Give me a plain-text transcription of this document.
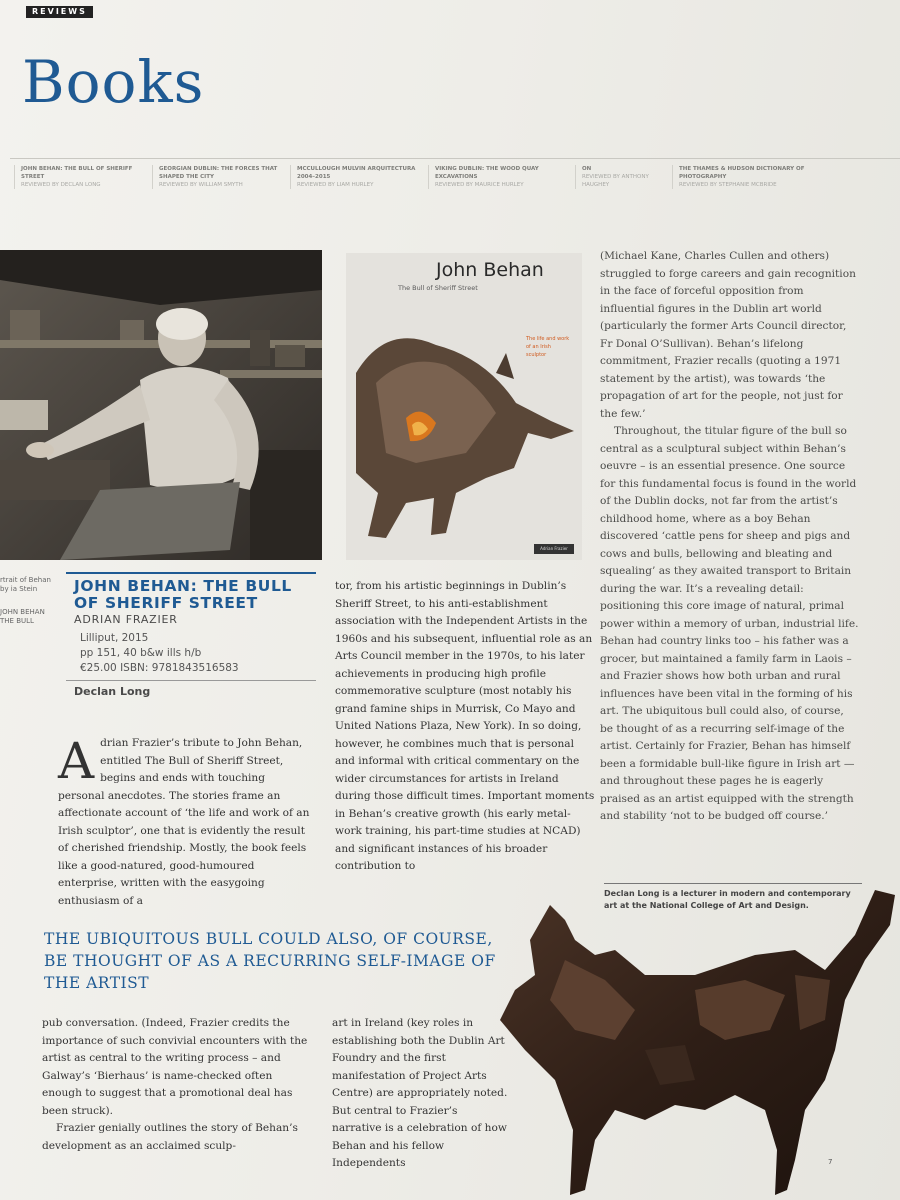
REVIEWS
Books
JOHN BEHAN: THE BULL OF SHERIFF STREET
REVIEWED BY DECLAN LONG
GEORGIAN DUBLIN: THE FORCES THAT SHAPED THE CITY
REVIEWED BY WILLIAM SMYTH
MCCULLOUGH MULVIN ARQUITECTURA 2004–2015
REVIEWED BY LIAM HURLEY
VIKING DUBLIN: THE WOOD QUAY EXCAVATIONS
REVIEWED BY MAURICE HURLEY
ON
REVIEWED BY ANTHONY HAUGHEY
THE THAMES & HUDSON DICTIONARY OF PHOTOGRAPHY
REVIEWED BY STEPHANIE MCBRIDE
John Behan
The Bull of Sheriff Street
The life and work of an Irish sculptor
Adrian Frazier
rtrait of Behan by ia Stein
JOHN BEHAN THE BULL
JOHN BEHAN: THE BULL OF SHERIFF STREET

ADRIAN FRAZIER

Lilliput, 2015
pp 151, 40 b&w ills h/b
€25.00 ISBN: 9781843516583

Declan Long

A drian Frazier’s tribute to John Behan, entitled The Bull of Sheriff Street, begins and ends with touching personal anecdotes. The stories frame an affectionate account of ‘the life and work of an Irish sculptor’, one that is evidently the result of cherished friendship. Mostly, the book feels like a good-natured, good-humoured enterprise, written with the easygoing enthusiasm of a

tor, from his artistic beginnings in Dublin’s Sheriff Street, to his anti-establishment association with the Independent Artists in the 1960s and his subsequent, influential role as an Arts Council member in the 1970s, to his later achievements in producing high profile commemorative sculpture (most notably his grand famine ships in Murrisk, Co Mayo and United Nations Plaza, New York). In so doing, however, he combines much that is personal and informal with critical commentary on the wider circumstances for artists in Ireland during those difficult times. Important moments in Behan’s creative growth (his early metal-work training, his part-time studies at NCAD) and significant instances of his broader contribution to

(Michael Kane, Charles Cullen and others) struggled to forge careers and gain recognition in the face of forceful opposition from influential figures in the Dublin art world (particularly the former Arts Council director, Fr Donal O’Sullivan). Behan’s lifelong commitment, Frazier recalls (quoting a 1971 statement by the artist), was towards ‘the propagation of art for the people, not just for the few.’

Throughout, the titular figure of the bull so central as a sculptural subject within Behan’s oeuvre – is an essential presence. One source for this fundamental focus is found in the world of the Dublin docks, not far from the artist’s childhood home, where as a boy Behan discovered ‘cattle pens for sheep and pigs and cows and bulls, bellowing and bleating and squealing’ as they awaited transport to Britain during the war. It’s a revealing detail: positioning this core image of natural, primal power within a memory of urban, industrial life. Behan had country links too – his father was a grocer, but maintained a family farm in Laois – and Frazier shows how both urban and rural influences have been vital in the forming of his art. The ubiquitous bull could also, of course, be thought of as a recurring self-image of the artist. Certainly for Frazier, Behan has himself been a formidable bull-like figure in Irish art — and throughout these pages he is eagerly praised as an artist equipped with the strength and stability ‘not to be budged off course.’

Declan Long is a lecturer in modern and contemporary art at the National College of Art and Design.
THE UBIQUITOUS BULL COULD ALSO, OF COURSE, BE THOUGHT OF AS A RECURRING SELF-IMAGE OF THE ARTIST

pub conversation. (Indeed, Frazier credits the importance of such convivial encounters with the artist as central to the writing process – and Galway’s ‘Bierhaus’ is name-checked often enough to suggest that a promotional deal has been struck).

Frazier genially outlines the story of Behan’s development as an acclaimed sculp-

art in Ireland (key roles in establishing both the Dublin Art Foundry and the first manifestation of Project Arts Centre) are appropriately noted. But central to Frazier’s narrative is a celebration of how Behan and his fellow Independents	7
